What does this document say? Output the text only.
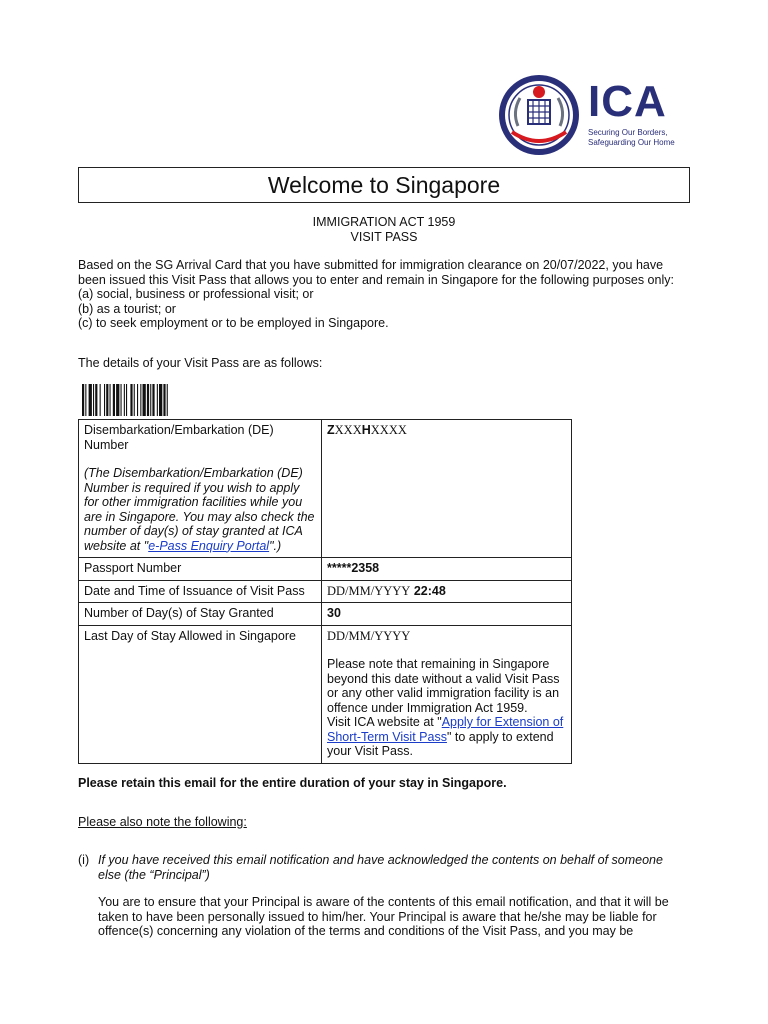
ICA
Securing Our Borders,
Safeguarding Our Home
Welcome to Singapore
IMMIGRATION ACT 1959
VISIT PASS

Based on the SG Arrival Card that you have submitted for immigration clearance on 20/07/2022, you have been issued this Visit Pass that allows you to enter and remain in Singapore for the following purposes only:

(a) social, business or professional visit; or

(b) as a tourist; or

(c) to seek employment or to be employed in Singapore.

The details of your Visit Pass are as follows:
Disembarkation/Embarkation (DE) Number
(The Disembarkation/Embarkation (DE) Number is required if you wish to apply for other immigration facilities while you are in Singapore. You may also check the number of day(s) of stay granted at ICA website at "e-Pass Enquiry Portal".)	ZXXXHXXXX
Passport Number	*****2358
Date and Time of Issuance of Visit Pass	DD/MM/YYYY 22:48
Number of Day(s) of Stay Granted	30
Last Day of Stay Allowed in Singapore	DD/MM/YYYY
Please note that remaining in Singapore beyond this date without a valid Visit Pass or any other valid immigration facility is an offence under Immigration Act 1959.
Visit ICA website at "Apply for Extension of Short-Term Visit Pass" to apply to extend your Visit Pass.
Please retain this email for the entire duration of your stay in Singapore.
Please also note the following:
(i) If you have received this email notification and have acknowledged the contents on behalf of someone else (the “Principal”)
You are to ensure that your Principal is aware of the contents of this email notification, and that it will be taken to have been personally issued to him/her. Your Principal is aware that he/she may be liable for offence(s) concerning any violation of the terms and conditions of the Visit Pass, and you may be
